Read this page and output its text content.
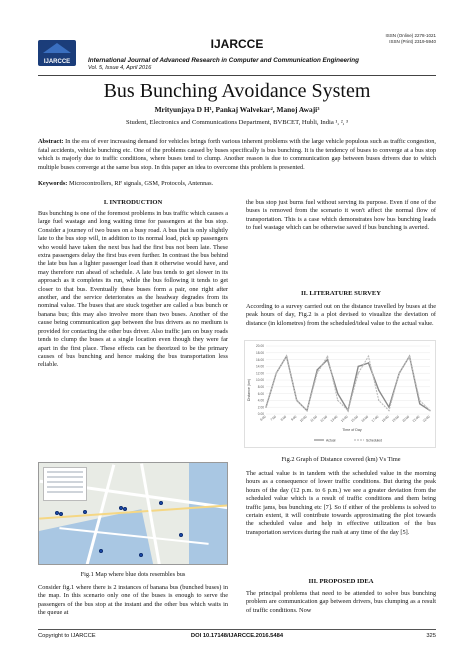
IJARCCE
IJARCCE
ISSN (Online) 2278-1021
ISSN (Print) 2319-5940
International Journal of Advanced Research in Computer and Communication Engineering
Vol. 5, Issue 4, April 2016
Bus Bunching Avoidance System
Mrityunjaya D H¹, Pankaj Walvekar², Manoj Awaji³
Student, Electronics and Communications Department, BVBCET, Hubli, India ¹, ², ³
Abstract: In the era of ever increasing demand for vehicles brings forth various inherent problems with the large vehicle populous such as traffic congestion, fatal accidents, vehicle bunching etc. One of the problems caused by buses specifically is bus bunching. It is the tendency of buses to converge at a bus stop which is majorly due to traffic conditions, where buses tend to clump. Another reason is due to communication gap between buses drivers due to which multiple buses converge at the same bus stop. In this paper an idea to overcome this problem is presented.
Keywords: Microcontrollers, RF signals, GSM, Protocols, Antennas.
I. INTRODUCTION
Bus bunching is one of the foremost problems in bus traffic which causes a large fuel wastage and long waiting time for passengers at the bus stop. Consider a journey of two buses on a busy road. A bus that is only slightly late to the bus stop will, in addition to its normal load, pick up passengers who would have taken the next bus had the first bus not been late. These extra passengers delay the first bus even further. In contrast the bus behind the late bus has a lighter passenger load than it otherwise would have, and may therefore run ahead of schedule. A late bus tends to get slower in its approach as it completes its run, while the bus following it tends to get closer to that bus. Eventually these buses form a pair, one right after another, and the service deteriorates as the headway degrades from its nominal value. The buses that are stuck together are called a bus bunch or banana bus; this may also involve more than two buses. Another of the cause being communication gap between the bus drivers as no medium is provided for contacting the other bus driver. Also traffic jam on busy roads tends to clump the buses at a single location even though they were far apart in the first place. These effects can be theorized to be the primary causes of bus bunching and hence making the bus transportation less reliable.
Fig.1 Map where blue dots resembles bus
Consider fig.1 where there is 2 instances of banana bus (bunched buses) in the map. In this scenario only one of the buses is enough to serve the passengers of the bus stop at the instant and the other bus which waits in the queue at
the bus stop just burns fuel without serving its purpose. Even if one of the buses is removed from the scenario it won't affect the normal flow of transportation. This is a case which demonstrates how bus bunching leads to fuel wastage which can be otherwise saved if bus bunching is averted.
II. LITERATURE SURVEY
According to a survey carried out on the distance travelled by buses at the peak hours of day, Fig.2 is a plot devised to visualize the deviation of distance (in kilometres) from the scheduled/ideal value to the actual value.
0.00
2.00
4.00
6.00
8.00
10.00
12.00
14.00
16.00
18.00
20.00
6:00 7:00 8:00 9:00 10:00 11:00 12:00 13:00 14:00 15:00 16:00 17:00 18:00 19:00 20:00 21:00 22:00
Distance (km)
Time of Day
Actual	Scheduled
Fig.2 Graph of Distance covered (km) Vs Time
The actual value is in tandem with the scheduled value in the morning hours as a consequence of lower traffic conditions. But during the peak hours of the day (12 p.m. to 6 p.m.) we see a greater deviation from the scheduled value which is a result of traffic conditions and them being traffic jams, bus bunching etc [7]. So if either of the problems is solved to certain extent, it will contribute towards approximating the plot towards the scheduled value and help in effective utilization of the bus transportation services during the rush at any time of the day [5].
III. PROPOSED IDEA
The principal problems that need to be attended to solve bus bunching problem are communication gap between drivers, bus clumping as a result of traffic conditions. Now
Copyright to IJARCCE	DOI 10.17148/IJARCCE.2016.5484	325
